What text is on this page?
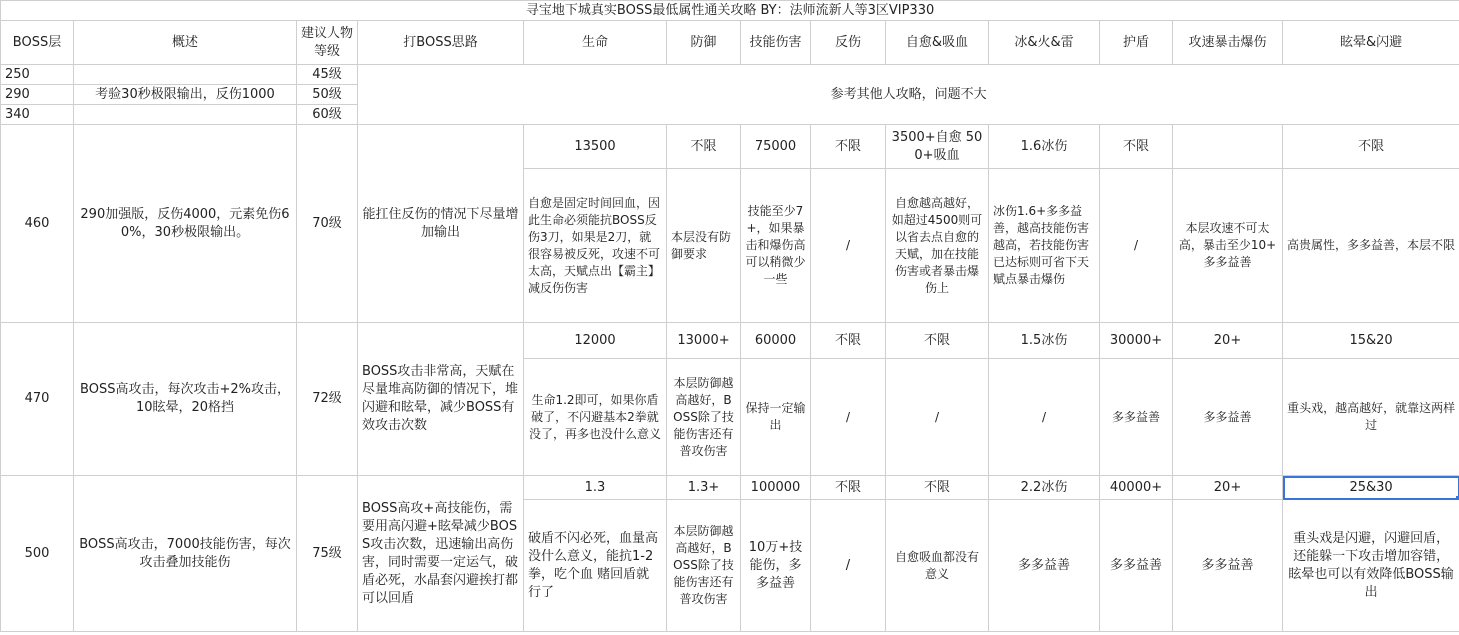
寻宝地下城真实BOSS最低属性通关攻略 BY：法师流新人等3区VIP330												
BOSS层	概述	建议人物等级	打BOSS思路	生命	防御	技能伤害	反伤	自愈&吸血	冰&火&雷	护盾	攻速暴击爆伤	眩晕&闪避
250		45级	参考其他人攻略，问题不大									
290	考验30秒极限输出，反伤1000	50级										
340		60级										
460	290加强版，反伤4000，元素免伤60%，30秒极限输出。	70级	能扛住反伤的情况下尽量增加输出	13500	不限	75000	不限	3500+自愈 500+吸血	1.6冰伤	不限		不限
				自愈是固定时间回血，因此生命必须能抗BOSS反伤3刀，如果是2刀，就很容易被反死，攻速不可太高，天赋点出【霸主】减反伤伤害	本层没有防御要求	技能至少7+，如果暴击和爆伤高可以稍微少一些	/	自愈越高越好，如超过4500则可以省去点自愈的天赋，加在技能伤害或者暴击爆伤上	冰伤1.6+多多益善，越高技能伤害越高，若技能伤害已达标则可省下天赋点暴击爆伤	/	本层攻速不可太高，暴击至少10+ 多多益善	高贵属性，多多益善，本层不限
470	BOSS高攻击，每次攻击+2%攻击，10眩晕，20格挡	72级	BOSS攻击非常高，天赋在尽量堆高防御的情况下，堆闪避和眩晕，减少BOSS有效攻击次数	12000	13000+	60000	不限	不限	1.5冰伤	30000+	20+	15&20
				生命1.2即可，如果你盾破了，不闪避基本2拳就没了，再多也没什么意义	本层防御越高越好，BOSS除了技能伤害还有普攻伤害	保持一定输出	/	/	/	多多益善	多多益善	重头戏，越高越好，就靠这两样过
500	BOSS高攻击，7000技能伤害，每次攻击叠加技能伤	75级	BOSS高攻+高技能伤，需要用高闪避+眩晕减少BOSS攻击次数，迅速输出高伤害，同时需要一定运气，破盾必死，水晶套闪避挨打都可以回盾	1.3	1.3+	100000	不限	不限	2.2冰伤	40000+	20+	25&30
				破盾不闪必死，血量高没什么意义，能抗1-2拳，吃个血 赌回盾就行了	本层防御越高越好，BOSS除了技能伤害还有普攻伤害	10万+技能伤，多多益善	/	自愈吸血都没有意义	多多益善	多多益善	多多益善	重头戏是闪避，闪避回盾，还能躲一下攻击增加容错，眩晕也可以有效降低BOSS输出
